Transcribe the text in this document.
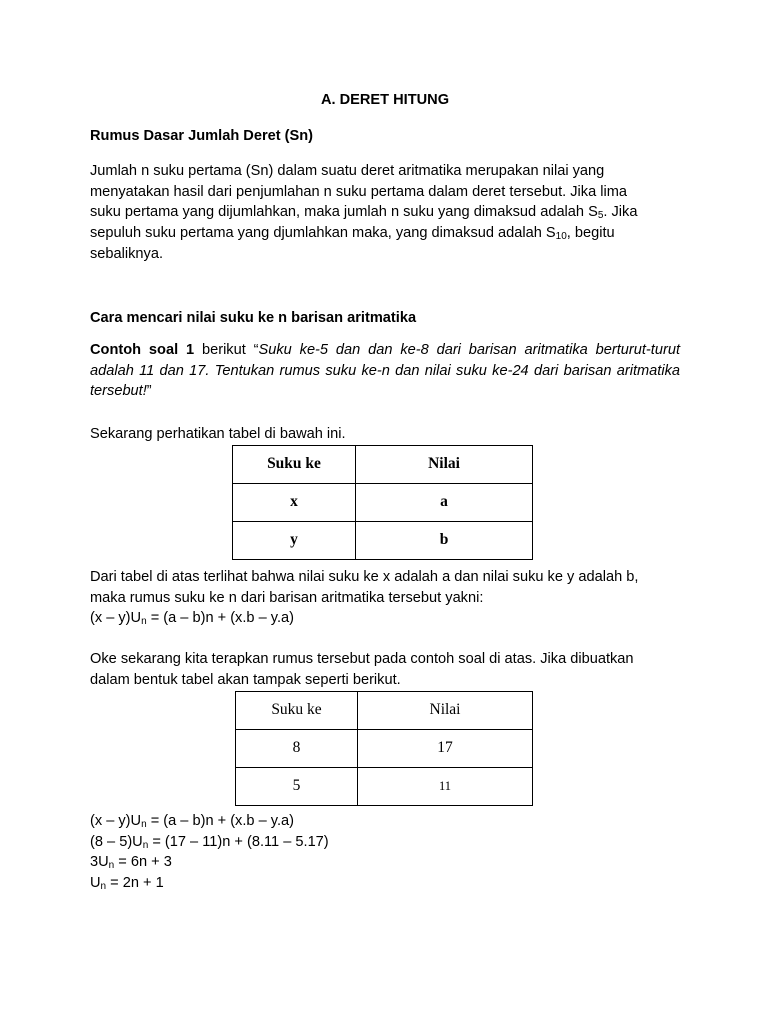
A. DERET HITUNG

Rumus Dasar Jumlah Deret (Sn)

Jumlah n suku pertama (Sn) dalam suatu deret aritmatika merupakan nilai yang

menyatakan hasil dari penjumlahan n suku pertama dalam deret tersebut. Jika lima

suku pertama yang dijumlahkan, maka jumlah n suku yang dimaksud adalah $S_5$. Jika

sepuluh suku pertama yang djumlahkan maka, yang dimaksud adalah $S_{10}$, begitu

sebaliknya.

Cara mencari nilai suku ke n barisan aritmatika

Contoh soal 1 berikut “Suku ke-5 dan dan ke-8 dari barisan aritmatika berturut-turut adalah 11 dan 17. Tentukan rumus suku ke-n dan nilai suku ke-24 dari barisan aritmatika tersebut!”

Sekarang perhatikan tabel di bawah ini.

Suku ke	Nilai
x	a
y	b

Dari tabel di atas terlihat bahwa nilai suku ke x adalah a dan nilai suku ke y adalah b,

maka rumus suku ke n dari barisan aritmatika tersebut yakni:

$(x - y)U_n = (a - b)n + (x.b - y.a)$

Oke sekarang kita terapkan rumus tersebut pada contoh soal di atas. Jika dibuatkan

dalam bentuk tabel akan tampak seperti berikut.

Suku ke	Nilai
8	17
5	11

$(x - y)U_n = (a - b)n + (x.b - y.a)$

$(8 - 5)U_n = (17 - 11)n + (8.11 - 5.17)$

$3U_n = 6n + 3$

$U_n = 2n + 1$
